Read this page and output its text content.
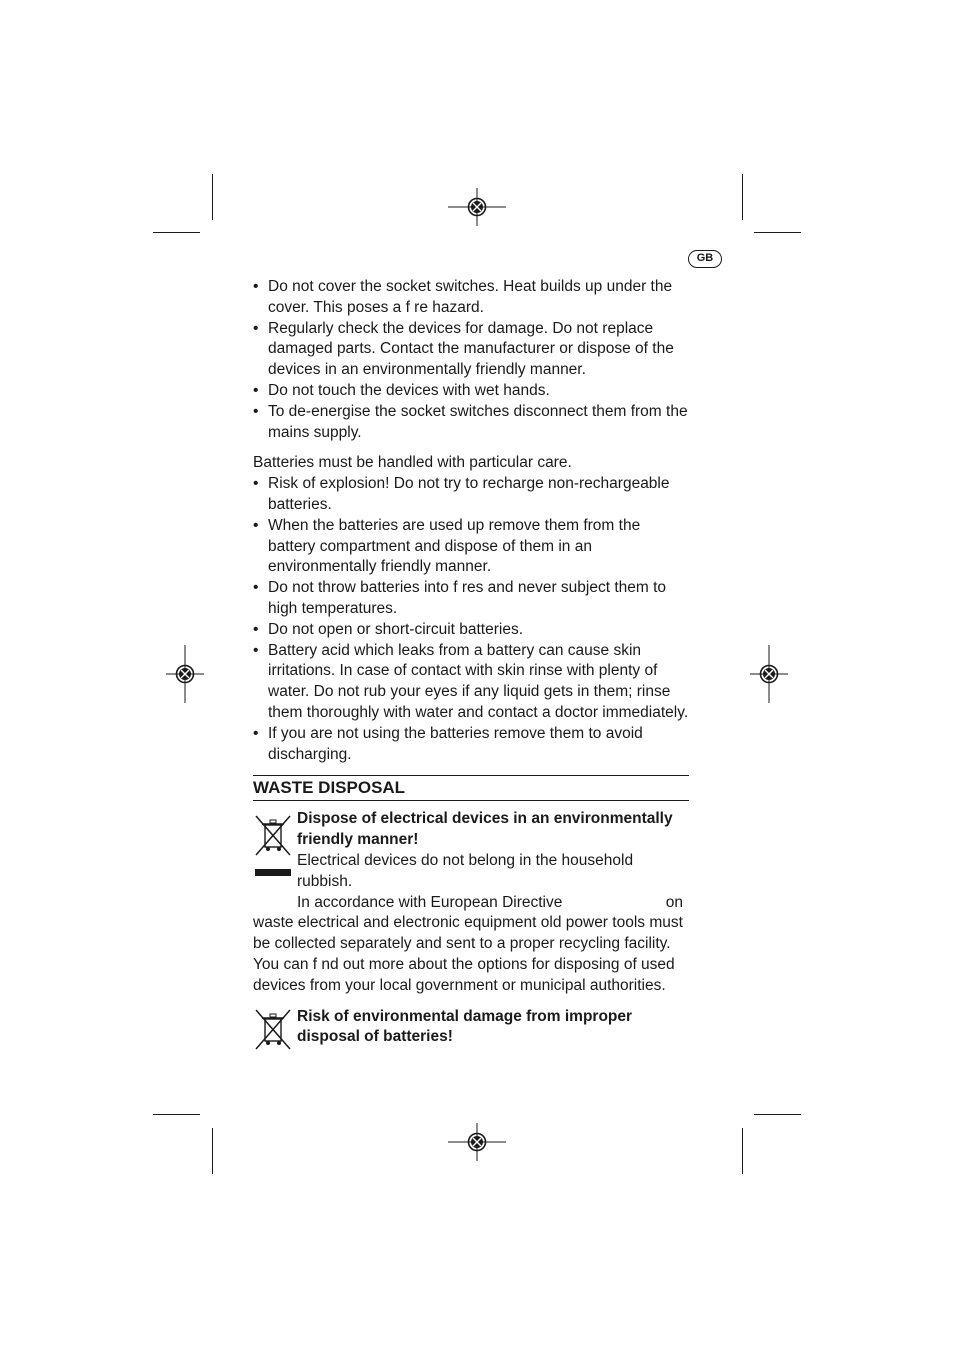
GB
• Do not cover the socket switches. Heat builds up under the cover. This poses a f re hazard.
• Regularly check the devices for damage. Do not replace damaged parts. Contact the manufacturer or dispose of the devices in an environmentally friendly manner.
• Do not touch the devices with wet hands.
• To de-energise the socket switches disconnect them from the mains supply.
Batteries must be handled with particular care.
• Risk of explosion! Do not try to recharge non-rechargeable batteries.
• When the batteries are used up remove them from the battery compartment and dispose of them in an environmentally friendly manner.
• Do not throw batteries into f res and never subject them to high temperatures.
• Do not open or short-circuit batteries.
• Battery acid which leaks from a battery can cause skin irritations. In case of contact with skin rinse with plenty of water. Do not rub your eyes if any liquid gets in them; rinse them thoroughly with water and contact a doctor immediately.
• If you are not using the batteries remove them to avoid discharging.
WASTE DISPOSAL
Dispose of electrical devices in an environmentally friendly manner!
Electrical devices do not belong in the household rubbish.
In accordance with European Directive                        on
waste electrical and electronic equipment old power tools must be collected separately and sent to a proper recycling facility. You can f nd out more about the options for disposing of used devices from your local government or municipal authorities.
Risk of environmental damage from improper disposal of batteries!
